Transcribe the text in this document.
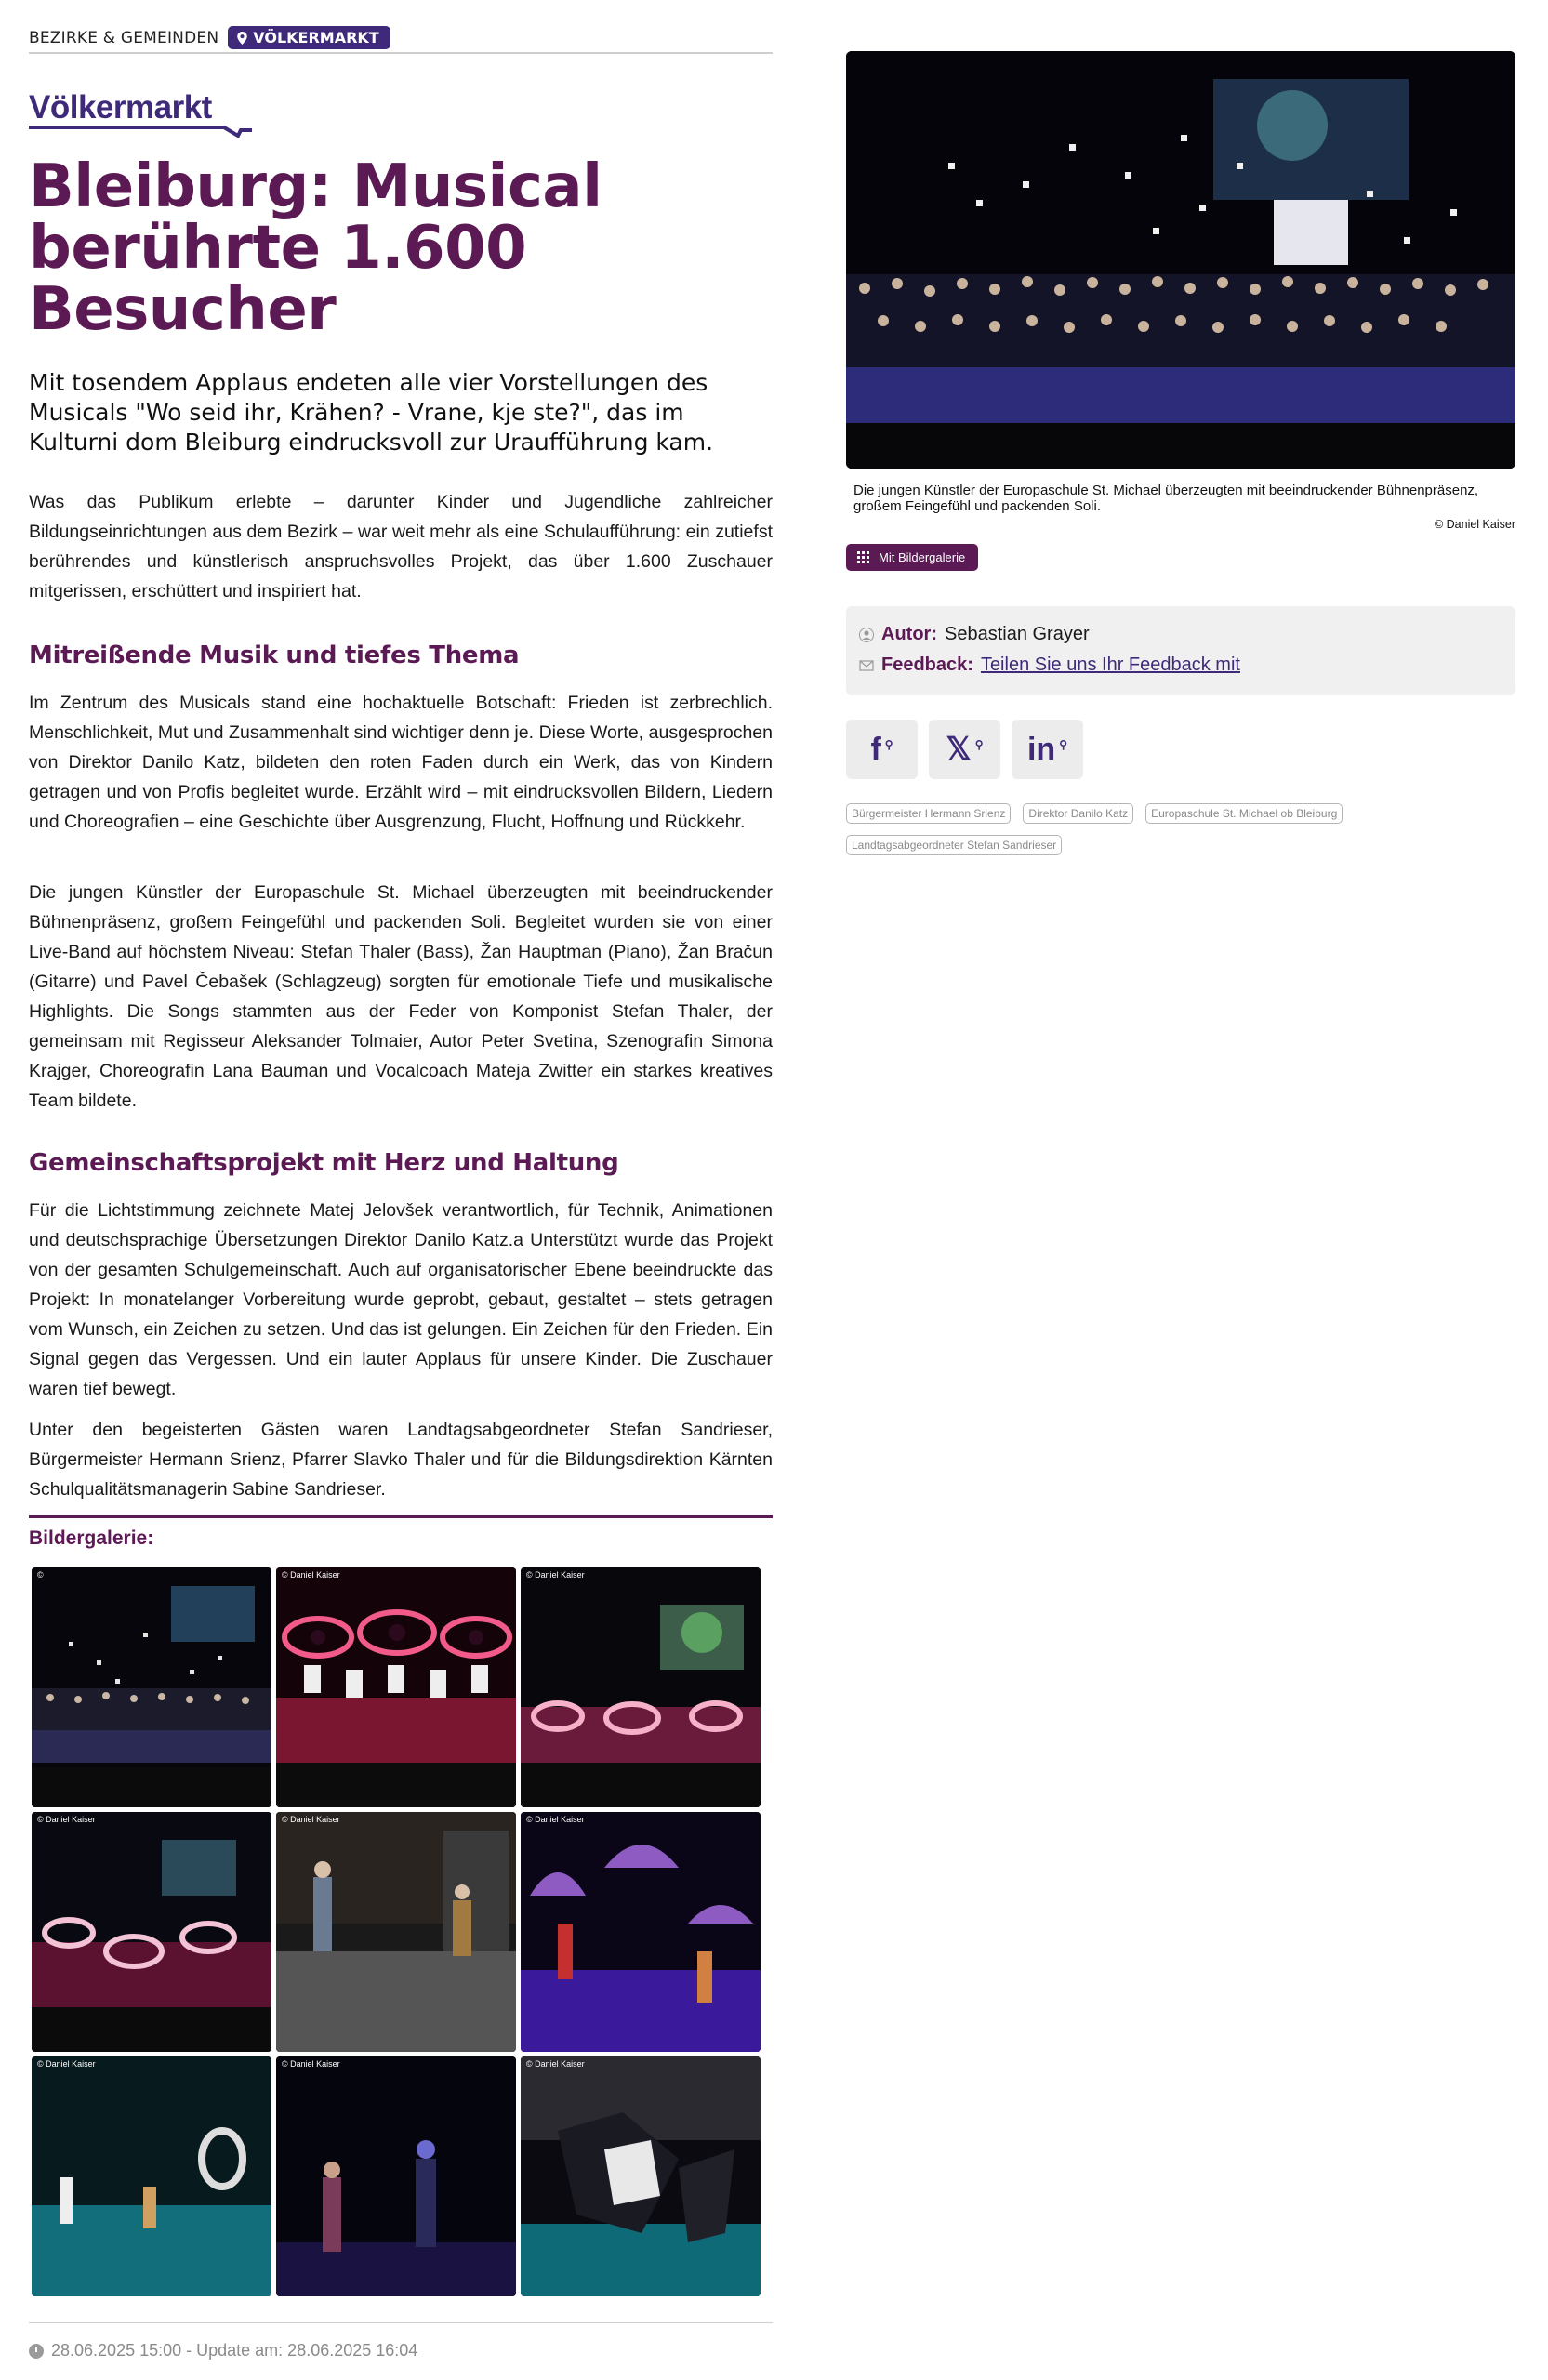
BEZIRKE & GEMEINDEN VÖLKERMARKT
Völkermarkt
Bleiburg: Musical berührte 1.600 Besucher

Mit tosendem Applaus endeten alle vier Vorstellungen des Musicals "Wo seid ihr, Krähen? - Vrane, kje ste?", das im Kulturni dom Bleiburg eindrucksvoll zur Uraufführung kam.

Was das Publikum erlebte – darunter Kinder und Jugendliche zahlreicher Bildungseinrichtungen aus dem Bezirk – war weit mehr als eine Schulaufführung: ein zutiefst berührendes und künstlerisch anspruchsvolles Projekt, das über 1.600 Zuschauer mitgerissen, erschüttert und inspiriert hat.

Mitreißende Musik und tiefes Thema

Im Zentrum des Musicals stand eine hochaktuelle Botschaft: Frieden ist zerbrechlich. Menschlichkeit, Mut und Zusammenhalt sind wichtiger denn je. Diese Worte, ausgesprochen von Direktor Danilo Katz, bildeten den roten Faden durch ein Werk, das von Kindern getragen und von Profis begleitet wurde. Erzählt wird – mit eindrucksvollen Bildern, Liedern und Choreografien – eine Geschichte über Ausgrenzung, Flucht, Hoffnung und Rückkehr.

Die jungen Künstler der Europaschule St. Michael überzeugten mit beeindruckender Bühnenpräsenz, großem Feingefühl und packenden Soli. Begleitet wurden sie von einer Live-Band auf höchstem Niveau: Stefan Thaler (Bass), Žan Hauptman (Piano), Žan Bračun (Gitarre) und Pavel Čebašek (Schlagzeug) sorgten für emotionale Tiefe und musikalische Highlights. Die Songs stammten aus der Feder von Komponist Stefan Thaler, der gemeinsam mit Regisseur Aleksander Tolmaier, Autor Peter Svetina, Szenografin Simona Krajger, Choreografin Lana Bauman und Vocalcoach Mateja Zwitter ein starkes kreatives Team bildete.

Gemeinschaftsprojekt mit Herz und Haltung

Für die Lichtstimmung zeichnete Matej Jelovšek verantwortlich, für Technik, Animationen und deutschsprachige Übersetzungen Direktor Danilo Katz.a Unterstützt wurde das Projekt von der gesamten Schulgemeinschaft. Auch auf organisatorischer Ebene beeindruckte das Projekt: In monatelanger Vorbereitung wurde geprobt, gebaut, gestaltet – stets getragen vom Wunsch, ein Zeichen zu setzen. Und das ist gelungen. Ein Zeichen für den Frieden. Ein Signal gegen das Vergessen. Und ein lauter Applaus für unsere Kinder. Die Zuschauer waren tief bewegt.

Unter den begeisterten Gästen waren Landtagsabgeordneter Stefan Sandrieser, Bürgermeister Hermann Srienz, Pfarrer Slavko Thaler und für die Bildungsdirektion Kärnten Schulqualitätsmanagerin Sabine Sandrieser.

Bildergalerie:
©	© Daniel Kaiser	© Daniel Kaiser
© Daniel Kaiser	© Daniel Kaiser	© Daniel Kaiser
© Daniel Kaiser	© Daniel Kaiser	© Daniel Kaiser
28.06.2025 15:00 - Update am: 28.06.2025 16:04
Die jungen Künstler der Europaschule St. Michael überzeugten mit beeindruckender Bühnenpräsenz, großem Feingefühl und packenden Soli.
© Daniel Kaiser
Mit Bildergalerie
Autor: Sebastian Grayer
Feedback: Teilen Sie uns Ihr Feedback mit
f ⚲ 𝕏 ⚲ in ⚲
Bürgermeister Hermann Srienz	Direktor Danilo Katz	Europaschule St. Michael ob Bleiburg
Landtagsabgeordneter Stefan Sandrieser
